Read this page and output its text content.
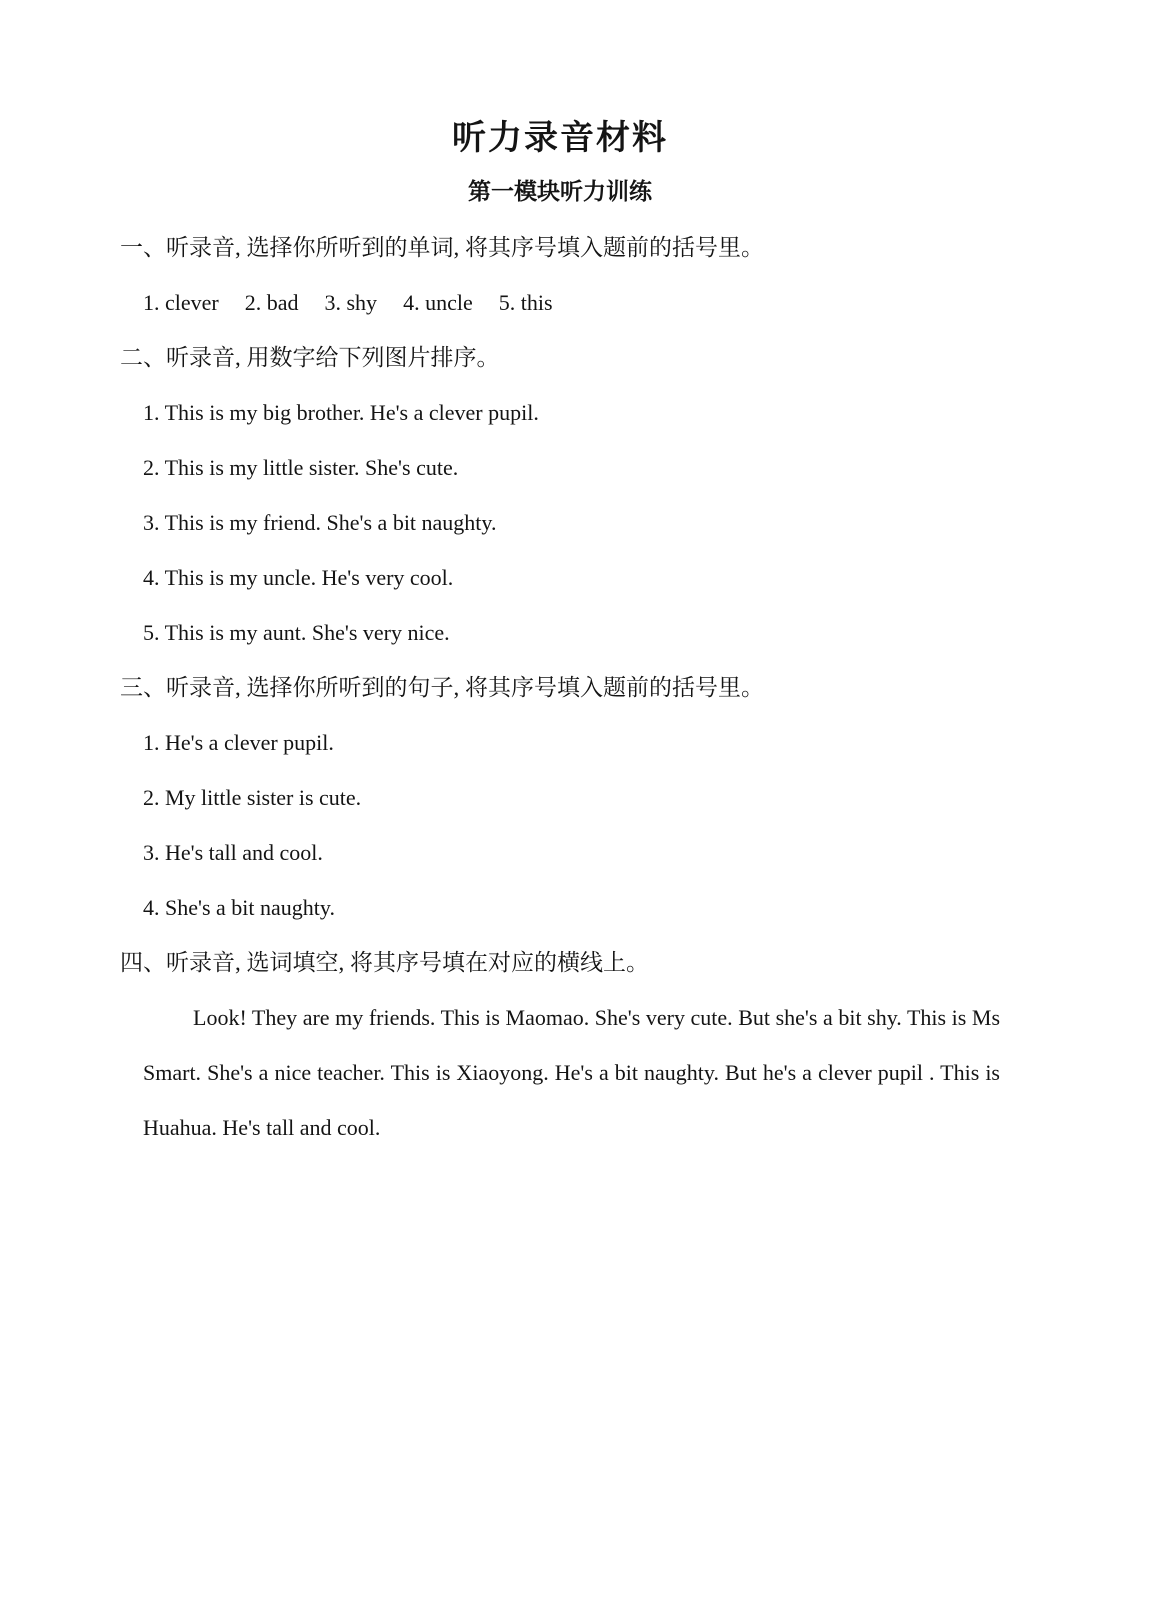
听力录音材料
第一模块听力训练
一、听录音, 选择你所听到的单词, 将其序号填入题前的括号里。
1. clever 2. bad 3. shy 4. uncle 5. this
二、听录音, 用数字给下列图片排序。
1. This is my big brother. He's a clever pupil.
2. This is my little sister. She's cute.
3. This is my friend. She's a bit naughty.
4. This is my uncle. He's very cool.
5. This is my aunt. She's very nice.
三、听录音, 选择你所听到的句子, 将其序号填入题前的括号里。
1. He's a clever pupil.
2. My little sister is cute.
3. He's tall and cool.
4. She's a bit naughty.
四、听录音, 选词填空, 将其序号填在对应的横线上。
Look! They are my friends. This is Maomao. She's very cute. But she's a bit shy. This is Ms Smart. She's a nice teacher. This is Xiaoyong. He's a bit naughty. But he's a clever pupil . This is Huahua. He's tall and cool.
